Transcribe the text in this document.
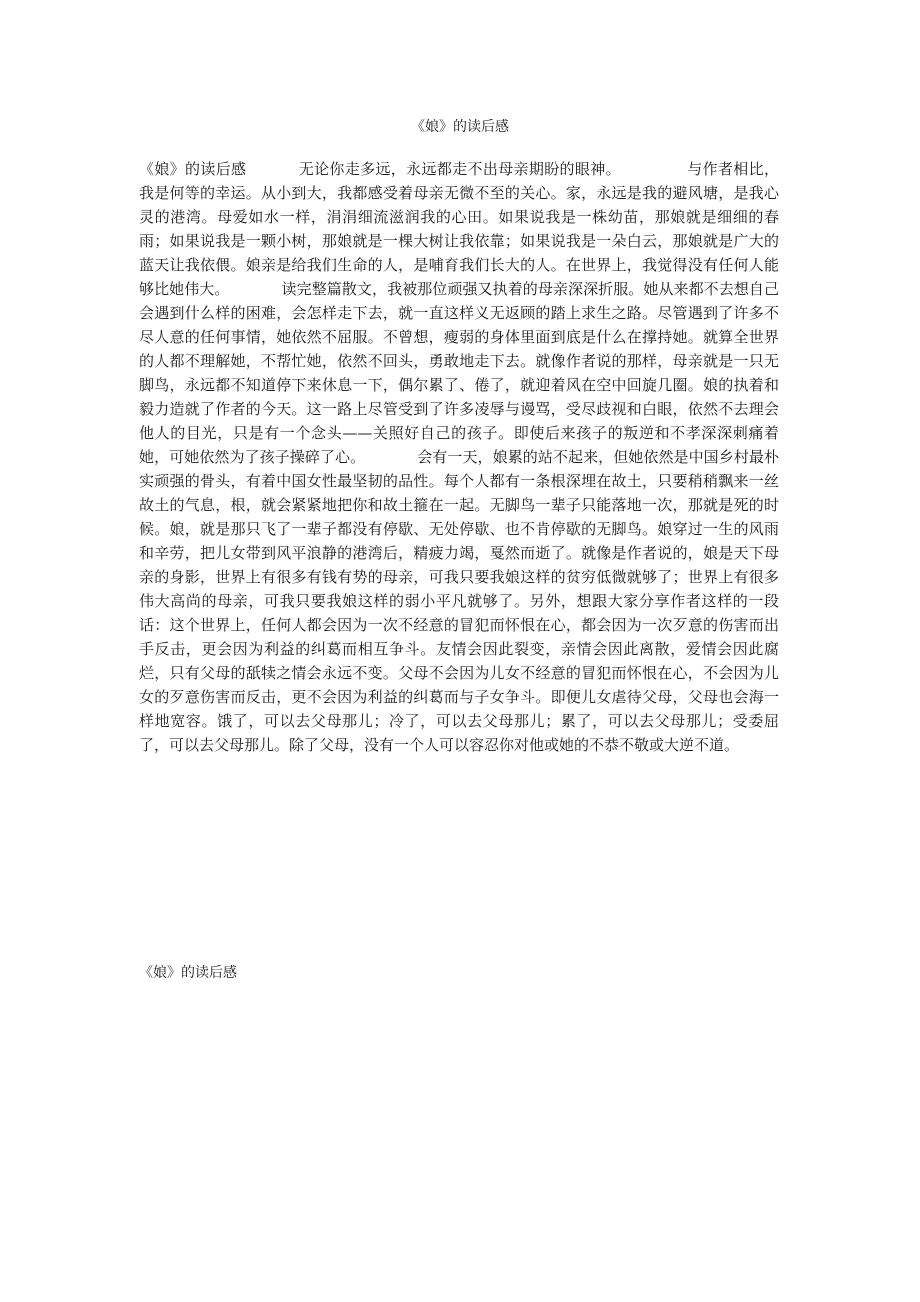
《娘》的读后感

《娘》的读后感	无论你走多远，永远都走不出母亲期盼的眼神。	与作者相比，我是何等的幸运。从小到大，我都感受着母亲无微不至的关心。家，永远是我的避风塘，是我心灵的港湾。母爱如水一样，涓涓细流滋润我的心田。如果说我是一株幼苗，那娘就是细细的春雨；如果说我是一颗小树，那娘就是一棵大树让我依靠；如果说我是一朵白云，那娘就是广大的蓝天让我依偎。娘亲是给我们生命的人，是哺育我们长大的人。在世界上，我觉得没有任何人能够比她伟大。	读完整篇散文，我被那位顽强又执着的母亲深深折服。她从来都不去想自己会遇到什么样的困难，会怎样走下去，就一直这样义无返顾的踏上求生之路。尽管遇到了许多不尽人意的任何事情，她依然不屈服。不曾想，瘦弱的身体里面到底是什么在撑持她。就算全世界的人都不理解她，不帮忙她，依然不回头，勇敢地走下去。就像作者说的那样，母亲就是一只无脚鸟，永远都不知道停下来休息一下，偶尔累了、倦了，就迎着风在空中回旋几圈。娘的执着和毅力造就了作者的今天。这一路上尽管受到了许多凌辱与谩骂，受尽歧视和白眼，依然不去理会他人的目光，只是有一个念头——关照好自己的孩子。即使后来孩子的叛逆和不孝深深刺痛着她，可她依然为了孩子操碎了心。	会有一天，娘累的站不起来，但她依然是中国乡村最朴实顽强的骨头，有着中国女性最坚韧的品性。每个人都有一条根深埋在故土，只要稍稍飘来一丝故土的气息，根，就会紧紧地把你和故土箍在一起。无脚鸟一辈子只能落地一次，那就是死的时候。娘，就是那只飞了一辈子都没有停歇、无处停歇、也不肯停歇的无脚鸟。娘穿过一生的风雨和辛劳，把儿女带到风平浪静的港湾后，精疲力竭，戛然而逝了。就像是作者说的，娘是天下母亲的身影，世界上有很多有钱有势的母亲，可我只要我娘这样的贫穷低微就够了；世界上有很多伟大高尚的母亲，可我只要我娘这样的弱小平凡就够了。另外，想跟大家分享作者这样的一段话：这个世界上，任何人都会因为一次不经意的冒犯而怀恨在心，都会因为一次歹意的伤害而出手反击，更会因为利益的纠葛而相互争斗。友情会因此裂变，亲情会因此离散，爱情会因此腐烂，只有父母的舐犊之情会永远不变。父母不会因为儿女不经意的冒犯而怀恨在心，不会因为儿女的歹意伤害而反击，更不会因为利益的纠葛而与子女争斗。即便儿女虐待父母，父母也会海一样地宽容。饿了，可以去父母那儿；冷了，可以去父母那儿；累了，可以去父母那儿；受委屈了，可以去父母那儿。除了父母，没有一个人可以容忍你对他或她的不恭不敬或大逆不道。

《娘》的读后感
